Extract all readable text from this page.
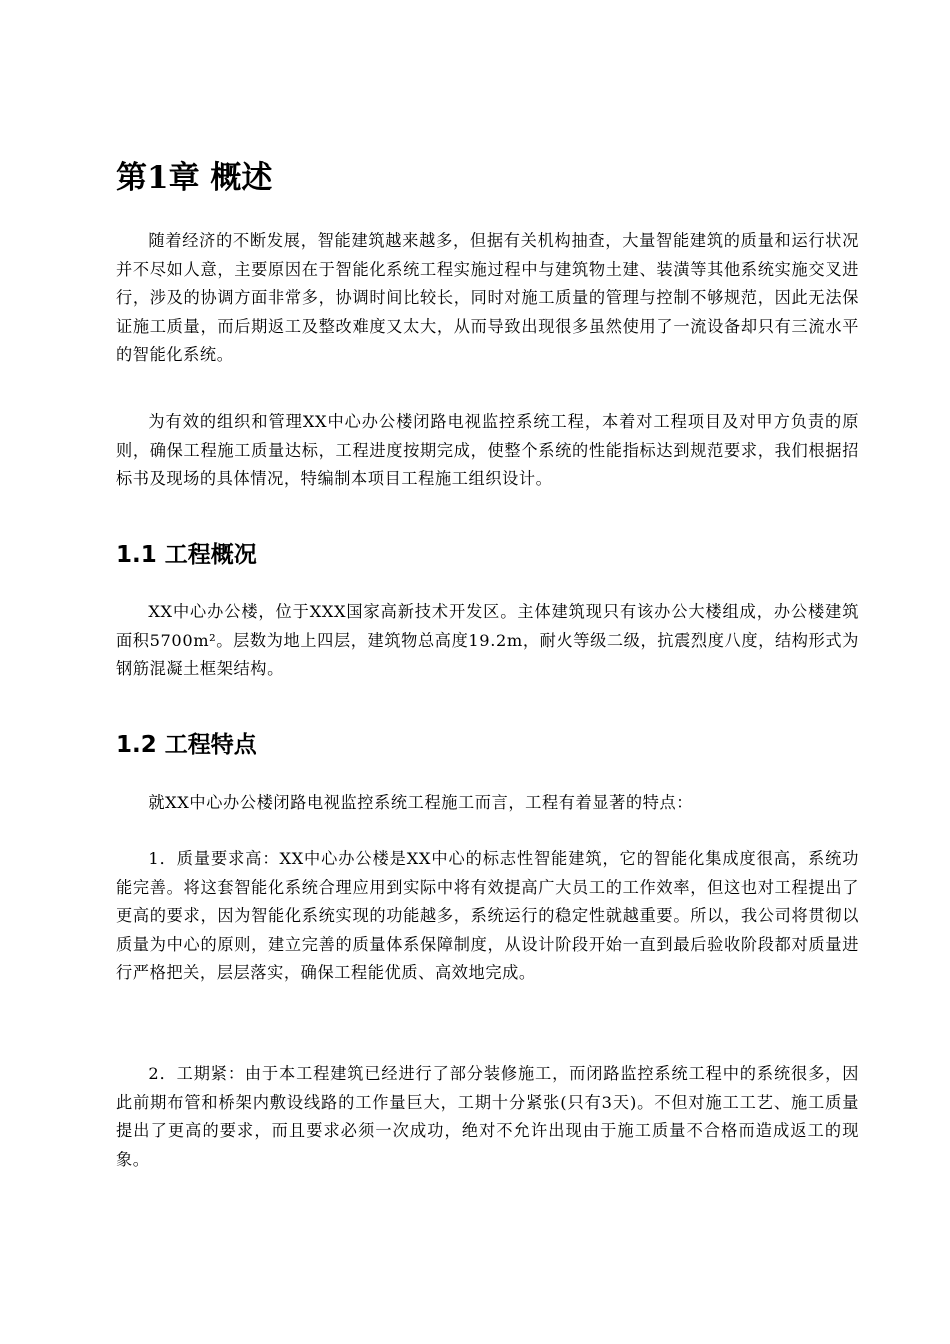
第1章 概述

随着经济的不断发展，智能建筑越来越多，但据有关机构抽查，大量智能建筑的质量和运行状况并不尽如人意，主要原因在于智能化系统工程实施过程中与建筑物土建、装潢等其他系统实施交叉进行，涉及的协调方面非常多，协调时间比较长，同时对施工质量的管理与控制不够规范，因此无法保证施工质量，而后期返工及整改难度又太大，从而导致出现很多虽然使用了一流设备却只有三流水平的智能化系统。

为有效的组织和管理XX中心办公楼闭路电视监控系统工程，本着对工程项目及对甲方负责的原则，确保工程施工质量达标，工程进度按期完成，使整个系统的性能指标达到规范要求，我们根据招标书及现场的具体情况，特编制本项目工程施工组织设计。

1.1 工程概况

XX中心办公楼，位于XXX国家高新技术开发区。主体建筑现只有该办公大楼组成，办公楼建筑面积5700m²。层数为地上四层，建筑物总高度19.2m，耐火等级二级，抗震烈度八度，结构形式为钢筋混凝土框架结构。

1.2 工程特点

就XX中心办公楼闭路电视监控系统工程施工而言，工程有着显著的特点：

1．质量要求高：XX中心办公楼是XX中心的标志性智能建筑，它的智能化集成度很高，系统功能完善。将这套智能化系统合理应用到实际中将有效提高广大员工的工作效率，但这也对工程提出了更高的要求，因为智能化系统实现的功能越多，系统运行的稳定性就越重要。所以，我公司将贯彻以质量为中心的原则，建立完善的质量体系保障制度，从设计阶段开始一直到最后验收阶段都对质量进行严格把关，层层落实，确保工程能优质、高效地完成。

2．工期紧：由于本工程建筑已经进行了部分装修施工，而闭路监控系统工程中的系统很多，因此前期布管和桥架内敷设线路的工作量巨大，工期十分紧张(只有3天)。不但对施工工艺、施工质量提出了更高的要求，而且要求必须一次成功，绝对不允许出现由于施工质量不合格而造成返工的现象。
